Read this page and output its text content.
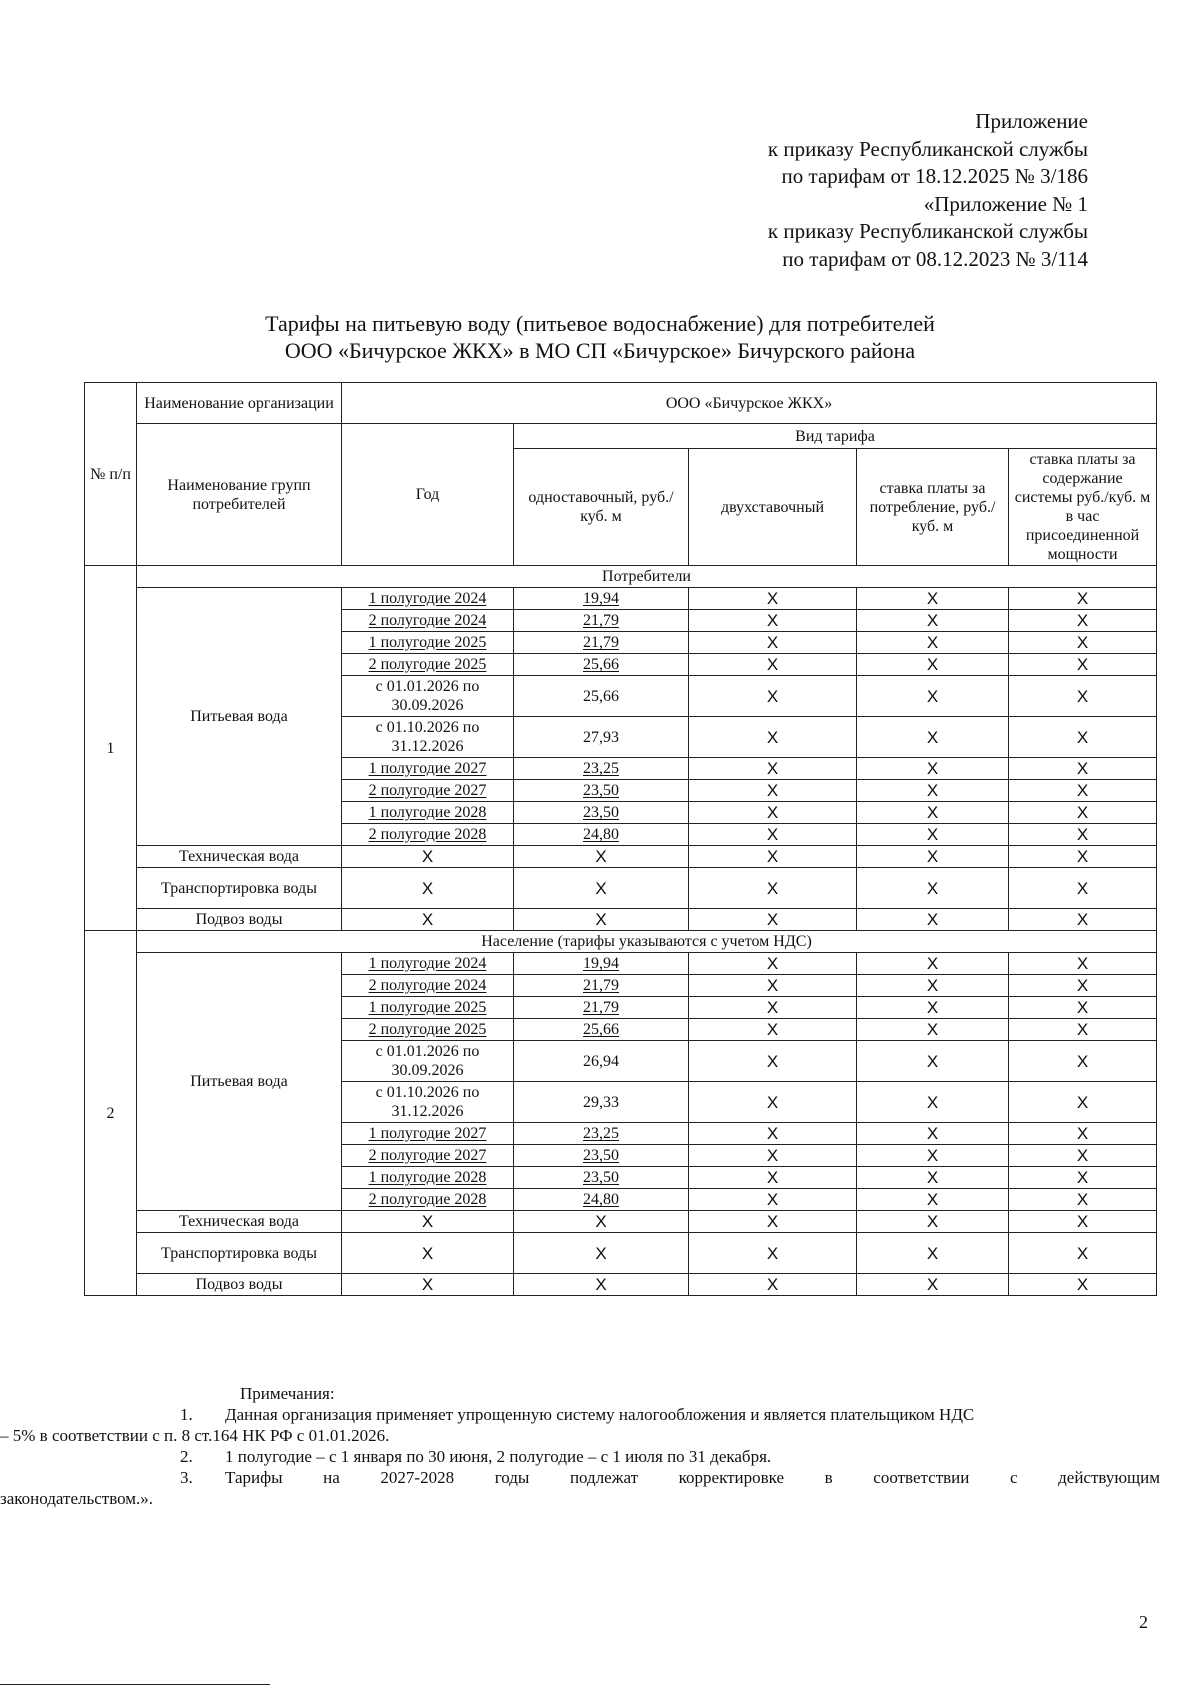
Приложение
к приказу Республиканской службы
по тарифам от 18.12.2025 № 3/186
«Приложение № 1
к приказу Республиканской службы
по тарифам от 08.12.2023 № 3/114
Тарифы на питьевую воду (питьевое водоснабжение) для потребителей
ООО «Бичурское ЖКХ» в МО СП «Бичурское» Бичурского района
№ п/п	Наименование организации	ООО «Бичурское ЖКХ»				
	Наименование групп потребителей	Год	Вид тарифа			
			одноставочный, руб./ куб. м	двухставочный	ставка платы за потребление, руб./ куб. м	ставка платы за содержание системы руб./куб. м в час присоединенной мощности
1	Потребители					
	Питьевая вода	1 полугодие 2024	19,94	Х	Х	Х
		2 полугодие 2024	21,79	Х	Х	Х
		1 полугодие 2025	21,79	Х	Х	Х
		2 полугодие 2025	25,66	Х	Х	Х
		с 01.01.2026 по 30.09.2026	25,66	Х	Х	Х
		с 01.10.2026 по 31.12.2026	27,93	Х	Х	Х
		1 полугодие 2027	23,25	Х	Х	Х
		2 полугодие 2027	23,50	Х	Х	Х
		1 полугодие 2028	23,50	Х	Х	Х
		2 полугодие 2028	24,80	Х	Х	Х
	Техническая вода	Х	Х	Х	Х	Х
	Транспортировка воды	Х	Х	Х	Х	Х
	Подвоз воды	Х	Х	Х	Х	Х
2	Население (тарифы указываются с учетом НДС)					
	Питьевая вода	1 полугодие 2024	19,94	Х	Х	Х
		2 полугодие 2024	21,79	Х	Х	Х
		1 полугодие 2025	21,79	Х	Х	Х
		2 полугодие 2025	25,66	Х	Х	Х
		с 01.01.2026 по 30.09.2026	26,94	Х	Х	Х
		с 01.10.2026 по 31.12.2026	29,33	Х	Х	Х
		1 полугодие 2027	23,25	Х	Х	Х
		2 полугодие 2027	23,50	Х	Х	Х
		1 полугодие 2028	23,50	Х	Х	Х
		2 полугодие 2028	24,80	Х	Х	Х
	Техническая вода	Х	Х	Х	Х	Х
	Транспортировка воды	Х	Х	Х	Х	Х
	Подвоз воды	Х	Х	Х	Х	Х
Примечания:

1. Данная организация применяет упрощенную систему налогообложения и является плательщиком НДС

– 5% в соответствии с п. 8 ст.164 НК РФ с 01.01.2026.

2. 1 полугодие – с 1 января по 30 июня, 2 полугодие – с 1 июля по 31 декабря.

3. Тарифы на 2027-2028 годы подлежат корректировке в соответствии с действующим

законодательством.».

2
